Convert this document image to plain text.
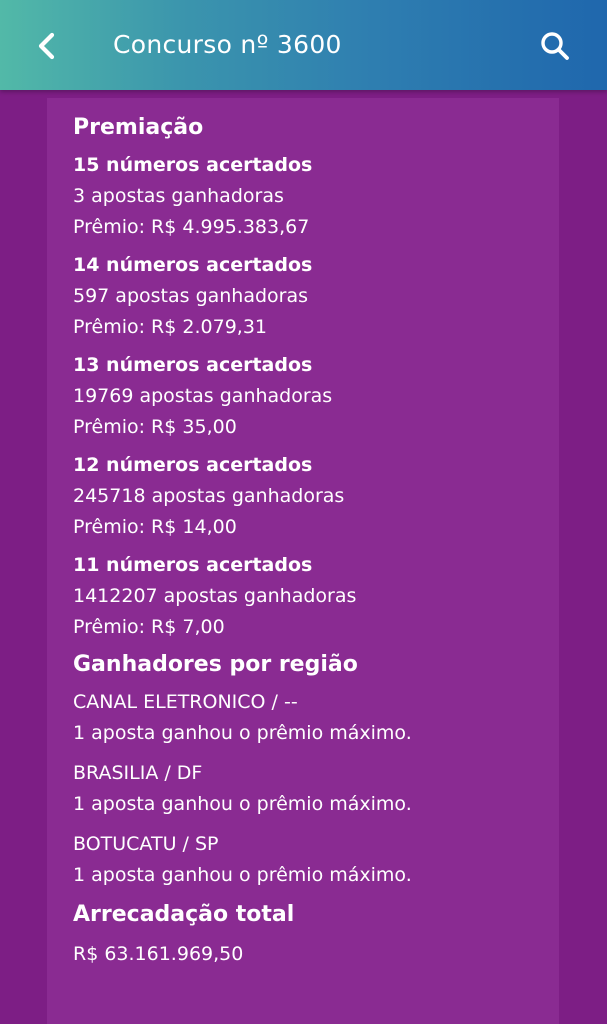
Concurso nº 3600
Premiação
15 números acertados
3 apostas ganhadoras
Prêmio: R$ 4.995.383,67
14 números acertados
597 apostas ganhadoras
Prêmio: R$ 2.079,31
13 números acertados
19769 apostas ganhadoras
Prêmio: R$ 35,00
12 números acertados
245718 apostas ganhadoras
Prêmio: R$ 14,00
11 números acertados
1412207 apostas ganhadoras
Prêmio: R$ 7,00
Ganhadores por região
CANAL ELETRONICO / --
1 aposta ganhou o prêmio máximo.
BRASILIA / DF
1 aposta ganhou o prêmio máximo.
BOTUCATU / SP
1 aposta ganhou o prêmio máximo.
Arrecadação total
R$ 63.161.969,50
